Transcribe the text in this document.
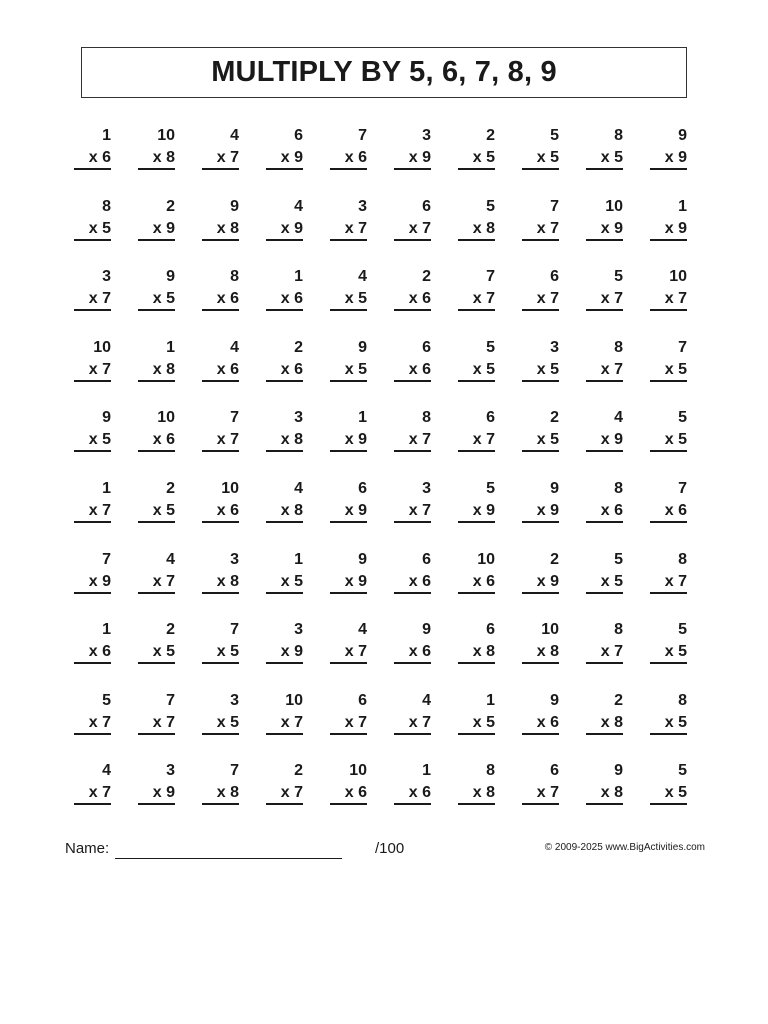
MULTIPLY BY 5, 6, 7, 8, 9
1
x 6
10
x 8
4
x 7
6
x 9
7
x 6
3
x 9
2
x 5
5
x 5
8
x 5
9
x 9
8
x 5
2
x 9
9
x 8
4
x 9
3
x 7
6
x 7
5
x 8
7
x 7
10
x 9
1
x 9
3
x 7
9
x 5
8
x 6
1
x 6
4
x 5
2
x 6
7
x 7
6
x 7
5
x 7
10
x 7
10
x 7
1
x 8
4
x 6
2
x 6
9
x 5
6
x 6
5
x 5
3
x 5
8
x 7
7
x 5
9
x 5
10
x 6
7
x 7
3
x 8
1
x 9
8
x 7
6
x 7
2
x 5
4
x 9
5
x 5
1
x 7
2
x 5
10
x 6
4
x 8
6
x 9
3
x 7
5
x 9
9
x 9
8
x 6
7
x 6
7
x 9
4
x 7
3
x 8
1
x 5
9
x 9
6
x 6
10
x 6
2
x 9
5
x 5
8
x 7
1
x 6
2
x 5
7
x 5
3
x 9
4
x 7
9
x 6
6
x 8
10
x 8
8
x 7
5
x 5
5
x 7
7
x 7
3
x 5
10
x 7
6
x 7
4
x 7
1
x 5
9
x 6
2
x 8
8
x 5
4
x 7
3
x 9
7
x 8
2
x 7
10
x 6
1
x 6
8
x 8
6
x 7
9
x 8
5
x 5
Name:	/100	© 2009-2025 www.BigActivities.com
